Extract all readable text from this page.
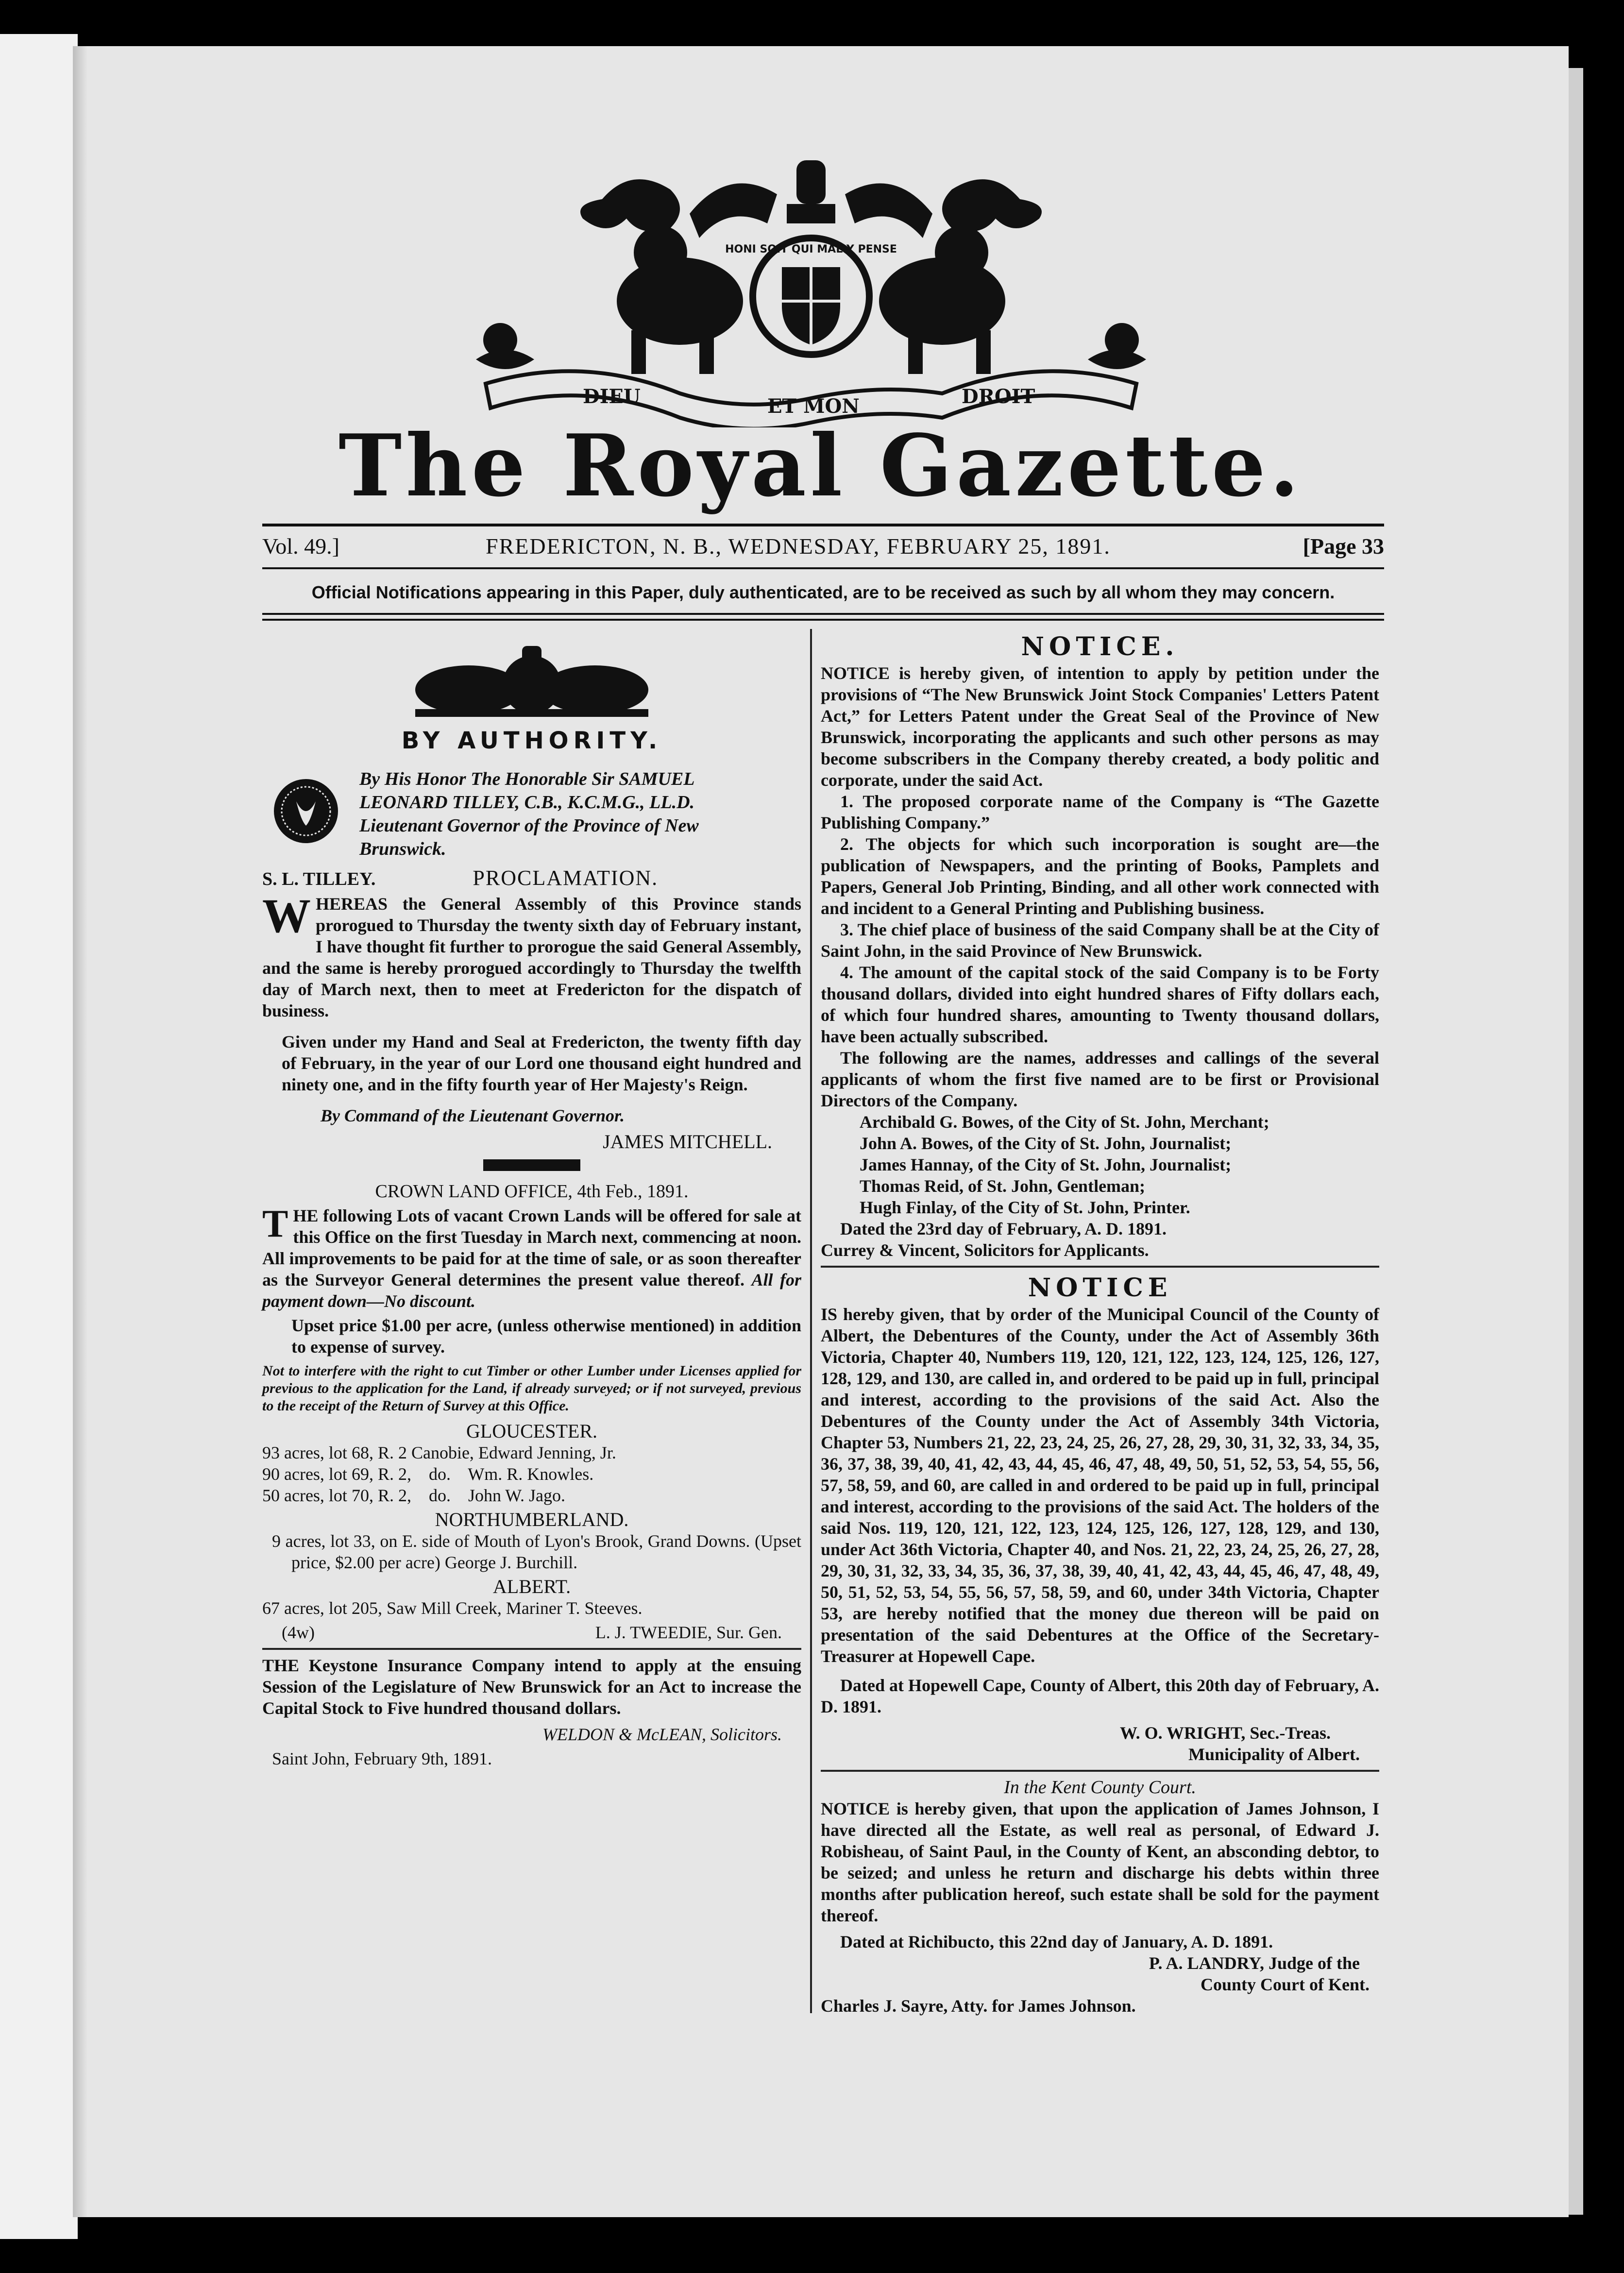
DIEU	ET MON	DROIT
HONI SOIT QUI MAL Y PENSE
The Royal Gazette.
Vol. 49.]	FREDERICTON, N. B., WEDNESDAY, FEBRUARY 25, 1891.	[Page 33
Official Notifications appearing in this Paper, duly authenticated, are to be received as such by all whom they may concern.
BY AUTHORITY.

By His Honor The Honorable Sir SAMUEL

LEONARD TILLEY, C.B., K.C.M.G., LL.D.

Lieutenant Governor of the Province of New

Brunswick.

S. L. TILLEY.	PROCLAMATION.

WHEREAS the General Assembly of this Province stands prorogued to Thursday the twenty sixth day of February instant, I have thought fit further to prorogue the said General Assembly, and the same is hereby prorogued accordingly to Thursday the twelfth day of March next, then to meet at Fredericton for the dispatch of business.

Given under my Hand and Seal at Fredericton, the twenty fifth day of February, in the year of our Lord one thousand eight hundred and ninety one, and in the fifty fourth year of Her Majesty's Reign.

By Command of the Lieutenant Governor.

JAMES MITCHELL.

CROWN LAND OFFICE, 4th Feb., 1891.

THE following Lots of vacant Crown Lands will be offered for sale at this Office on the first Tuesday in March next, commencing at noon. All improvements to be paid for at the time of sale, or as soon thereafter as the Surveyor General determines the present value thereof. All for payment down—No discount.

Upset price $1.00 per acre, (unless otherwise mentioned) in addition to expense of survey.

Not to interfere with the right to cut Timber or other Lumber under Licenses applied for previous to the application for the Land, if already surveyed; or if not surveyed, previous to the receipt of the Return of Survey at this Office.

GLOUCESTER.

93 acres, lot 68, R. 2 Canobie, Edward Jenning, Jr.

90 acres, lot 69, R. 2,    do.    Wm. R. Knowles.

50 acres, lot 70, R. 2,    do.    John W. Jago.

NORTHUMBERLAND.

9 acres, lot 33, on E. side of Mouth of Lyon's Brook, Grand Downs. (Upset price, $2.00 per acre) George J. Burchill.

ALBERT.

67 acres, lot 205, Saw Mill Creek, Mariner T. Steeves.

(4w)	L. J. TWEEDIE, Sur. Gen.

THE Keystone Insurance Company intend to apply at the ensuing Session of the Legislature of New Brunswick for an Act to increase the Capital Stock to Five hundred thousand dollars.

WELDON & McLEAN, Solicitors.

Saint John, February 9th, 1891.

NOTICE.

NOTICE is hereby given, of intention to apply by petition under the provisions of “The New Brunswick Joint Stock Companies' Letters Patent Act,” for Letters Patent under the Great Seal of the Province of New Brunswick, incorporating the applicants and such other persons as may become subscribers in the Company thereby created, a body politic and corporate, under the said Act.

1. The proposed corporate name of the Company is “The Gazette Publishing Company.”

2. The objects for which such incorporation is sought are—the publication of Newspapers, and the printing of Books, Pamplets and Papers, General Job Printing, Binding, and all other work connected with and incident to a General Printing and Publishing business.

3. The chief place of business of the said Company shall be at the City of Saint John, in the said Province of New Brunswick.

4. The amount of the capital stock of the said Company is to be Forty thousand dollars, divided into eight hundred shares of Fifty dollars each, of which four hundred shares, amounting to Twenty thousand dollars, have been actually subscribed.

The following are the names, addresses and callings of the several applicants of whom the first five named are to be first or Provisional Directors of the Company.

Archibald G. Bowes, of the City of St. John, Merchant;

John A. Bowes, of the City of St. John, Journalist;

James Hannay, of the City of St. John, Journalist;

Thomas Reid, of St. John, Gentleman;

Hugh Finlay, of the City of St. John, Printer.

Dated the 23rd day of February, A. D. 1891.

Currey & Vincent, Solicitors for Applicants.

NOTICE

IS hereby given, that by order of the Municipal Council of the County of Albert, the Debentures of the County, under the Act of Assembly 36th Victoria, Chapter 40, Numbers 119, 120, 121, 122, 123, 124, 125, 126, 127, 128, 129, and 130, are called in, and ordered to be paid up in full, principal and interest, according to the provisions of the said Act. Also the Debentures of the County under the Act of Assembly 34th Victoria, Chapter 53, Numbers 21, 22, 23, 24, 25, 26, 27, 28, 29, 30, 31, 32, 33, 34, 35, 36, 37, 38, 39, 40, 41, 42, 43, 44, 45, 46, 47, 48, 49, 50, 51, 52, 53, 54, 55, 56, 57, 58, 59, and 60, are called in and ordered to be paid up in full, principal and interest, according to the provisions of the said Act. The holders of the said Nos. 119, 120, 121, 122, 123, 124, 125, 126, 127, 128, 129, and 130, under Act 36th Victoria, Chapter 40, and Nos. 21, 22, 23, 24, 25, 26, 27, 28, 29, 30, 31, 32, 33, 34, 35, 36, 37, 38, 39, 40, 41, 42, 43, 44, 45, 46, 47, 48, 49, 50, 51, 52, 53, 54, 55, 56, 57, 58, 59, and 60, under 34th Victoria, Chapter 53, are hereby notified that the money due thereon will be paid on presentation of the said Debentures at the Office of the Secretary-Treasurer at Hopewell Cape.

Dated at Hopewell Cape, County of Albert, this 20th day of February, A. D. 1891.

W. O. WRIGHT, Sec.-Treas.

Municipality of Albert.

In the Kent County Court.

NOTICE is hereby given, that upon the application of James Johnson, I have directed all the Estate, as well real as personal, of Edward J. Robisheau, of Saint Paul, in the County of Kent, an absconding debtor, to be seized; and unless he return and discharge his debts within three months after publication hereof, such estate shall be sold for the payment thereof.

Dated at Richibucto, this 22nd day of January, A. D. 1891.

P. A. LANDRY, Judge of the

County Court of Kent.

Charles J. Sayre, Atty. for James Johnson.
